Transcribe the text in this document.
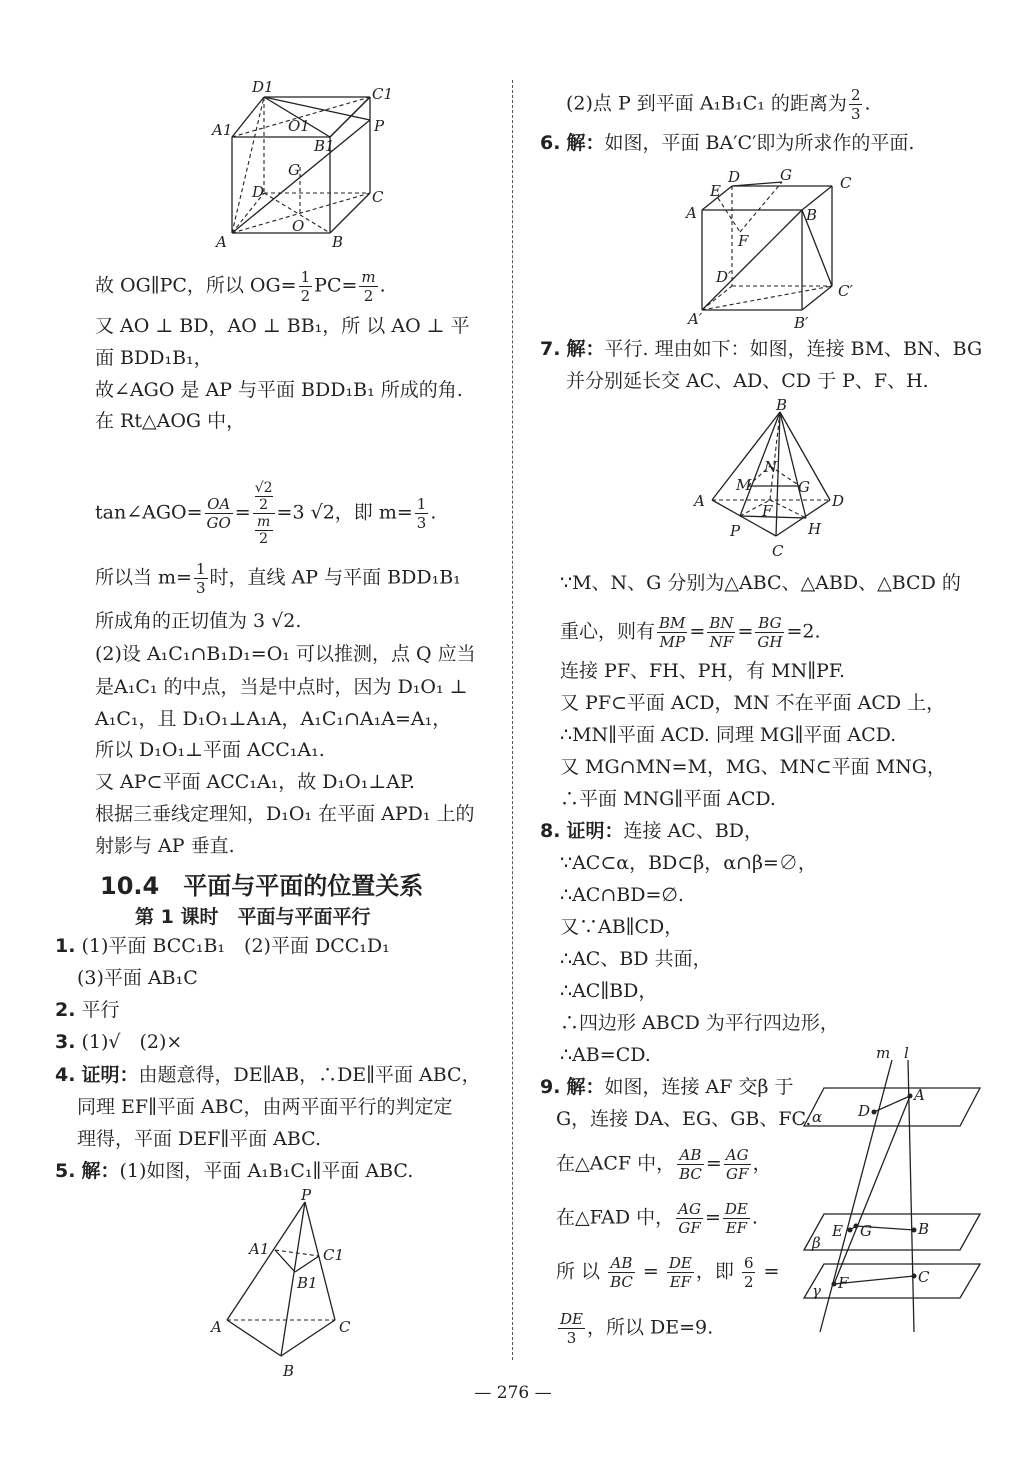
D1	C1
A1	O1
B1
P
G
D	C
O
A	B
故 OG∥PC，所以 $OG= \frac{1}{2} PC= \frac{m}{2}$ .
又 AO ⊥ BD，AO ⊥ BB₁，所 以 AO ⊥ 平
面 BDD₁B₁，
故∠AGO 是 AP 与平面 BDD₁B₁ 所成的角.
在 Rt△AOG 中，
tan∠AGO= $\frac{OA}{GO} = √2$
2
m
2 =3 √2，即 $m= \frac{1}{3}$ .
所以当 $m= \frac{1}{3}$ 时，直线 AP 与平面 BDD₁B₁
所成角的正切值为 3 √2.
(2)设 A₁C₁∩B₁D₁=O₁ 可以推测，点 Q 应当
是A₁C₁ 的中点，当是中点时，因为 D₁O₁ ⊥
A₁C₁，且 D₁O₁⊥A₁A，A₁C₁∩A₁A=A₁，
所以 D₁O₁⊥平面 ACC₁A₁.
又 AP⊂平面 ACC₁A₁，故 D₁O₁⊥AP.
根据三垂线定理知，D₁O₁ 在平面 APD₁ 上的
射影与 AP 垂直.
10.4　平面与平面的位置关系
第 1 课时　平面与平面平行
1. (1)平面 BCC₁B₁　(2)平面 DCC₁D₁
(3)平面 AB₁C
2. 平行
3. (1)√　(2)×
4. 证明：由题意得，DE∥AB，∴DE∥平面 ABC，
同理 EF∥平面 ABC，由两平面平行的判定定
理得，平面 DEF∥平面 ABC.
5. 解：(1)如图，平面 A₁B₁C₁∥平面 ABC.
P
A1	C1
B1
A	C
B
(2)点 P 到平面 A₁B₁C₁ 的距离为 $\frac{2}{3}$ .
6. 解：如图，平面 BA′C′即为所求作的平面.
E
D	G	C
A	B
F
D′
C′
A′	B′
7. 解：平行. 理由如下：如图，连接 BM、BN、BG
并分别延长交 AC、AD、CD 于 P、F、H.
B
N
M	G
A	D
F
P	H
C
∵M、N、G 分别为△ABC、△ABD、△BCD 的
重心，则有 $\frac{BM}{MP} = \frac{BN}{NF} = \frac{BG}{GH} =2$.
连接 PF、FH、PH，有 MN∥PF.
又 PF⊂平面 ACD，MN 不在平面 ACD 上，
∴MN∥平面 ACD. 同理 MG∥平面 ACD.
又 MG∩MN=M，MG、MN⊂平面 MNG，
∴平面 MNG∥平面 ACD.
8. 证明：连接 AC、BD，
∵AC⊂α，BD⊂β，α∩β=∅，
∴AC∩BD=∅.
又∵AB∥CD，
∴AC、BD 共面，
∴AC∥BD，
∴四边形 ABCD 为平行四边形，
∴AB=CD.
9. 解：如图，连接 AF 交β 于
G，连接 DA、EG、GB、FC.
在△ACF 中， $\frac{AB}{BC} = \frac{AG}{GF}$ ，
在△FAD 中， $\frac{AG}{GF} = \frac{DE}{EF}$ .
所 以 $\frac{AB}{BC} = \frac{DE}{EF}$ ，即 $\frac{6}{2}$ =
$\frac{DE}{3}$ ，所以 DE=9.
m l
A
D
α
E G	B
β
F	C
γ
— 276 —
